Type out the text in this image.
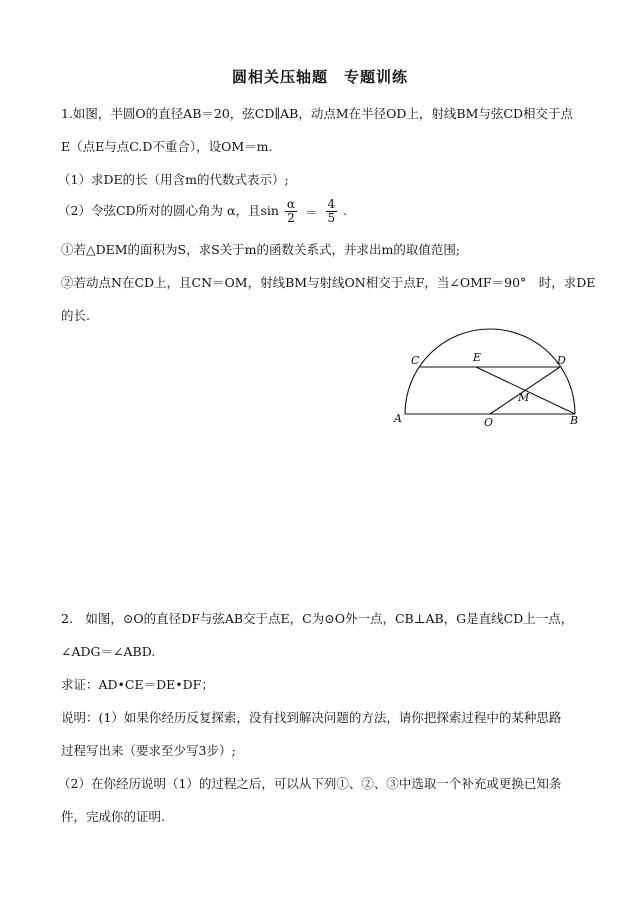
圆相关压轴题　专题训练
1.如图，半圆O的直径AB＝20，弦CD∥AB，动点M在半径OD上，射线BM与弦CD相交于点
E（点E与点C.D不重合），设OM＝m.
（1）求DE的长（用含m的代数式表示）;
（2）令弦CD所对的圆心角为 α，且$\sin \frac{\alpha}{2} = \frac{4}{5}$ .
①若△DEM的面积为S，求S关于m的函数关系式，并求出m的取值范围;
②若动点N在CD上，且CN＝OM，射线BM与射线ON相交于点F，当∠OMF＝90°　时，求DE
的长.
A	B
C	D
E
M
O
2.　如图，⊙O的直径DF与弦AB交于点E，C为⊙O外一点，CB⊥AB，G是直线CD上一点，
∠ADG＝∠ABD.
求证：AD•CE＝DE•DF；
说明：(1）如果你经历反复探索，没有找到解决问题的方法，请你把探索过程中的某种思路
过程写出来（要求至少写3步）;
（2）在你经历说明（1）的过程之后，可以从下列①、②、③中选取一个补充或更换已知条
件，完成你的证明.
